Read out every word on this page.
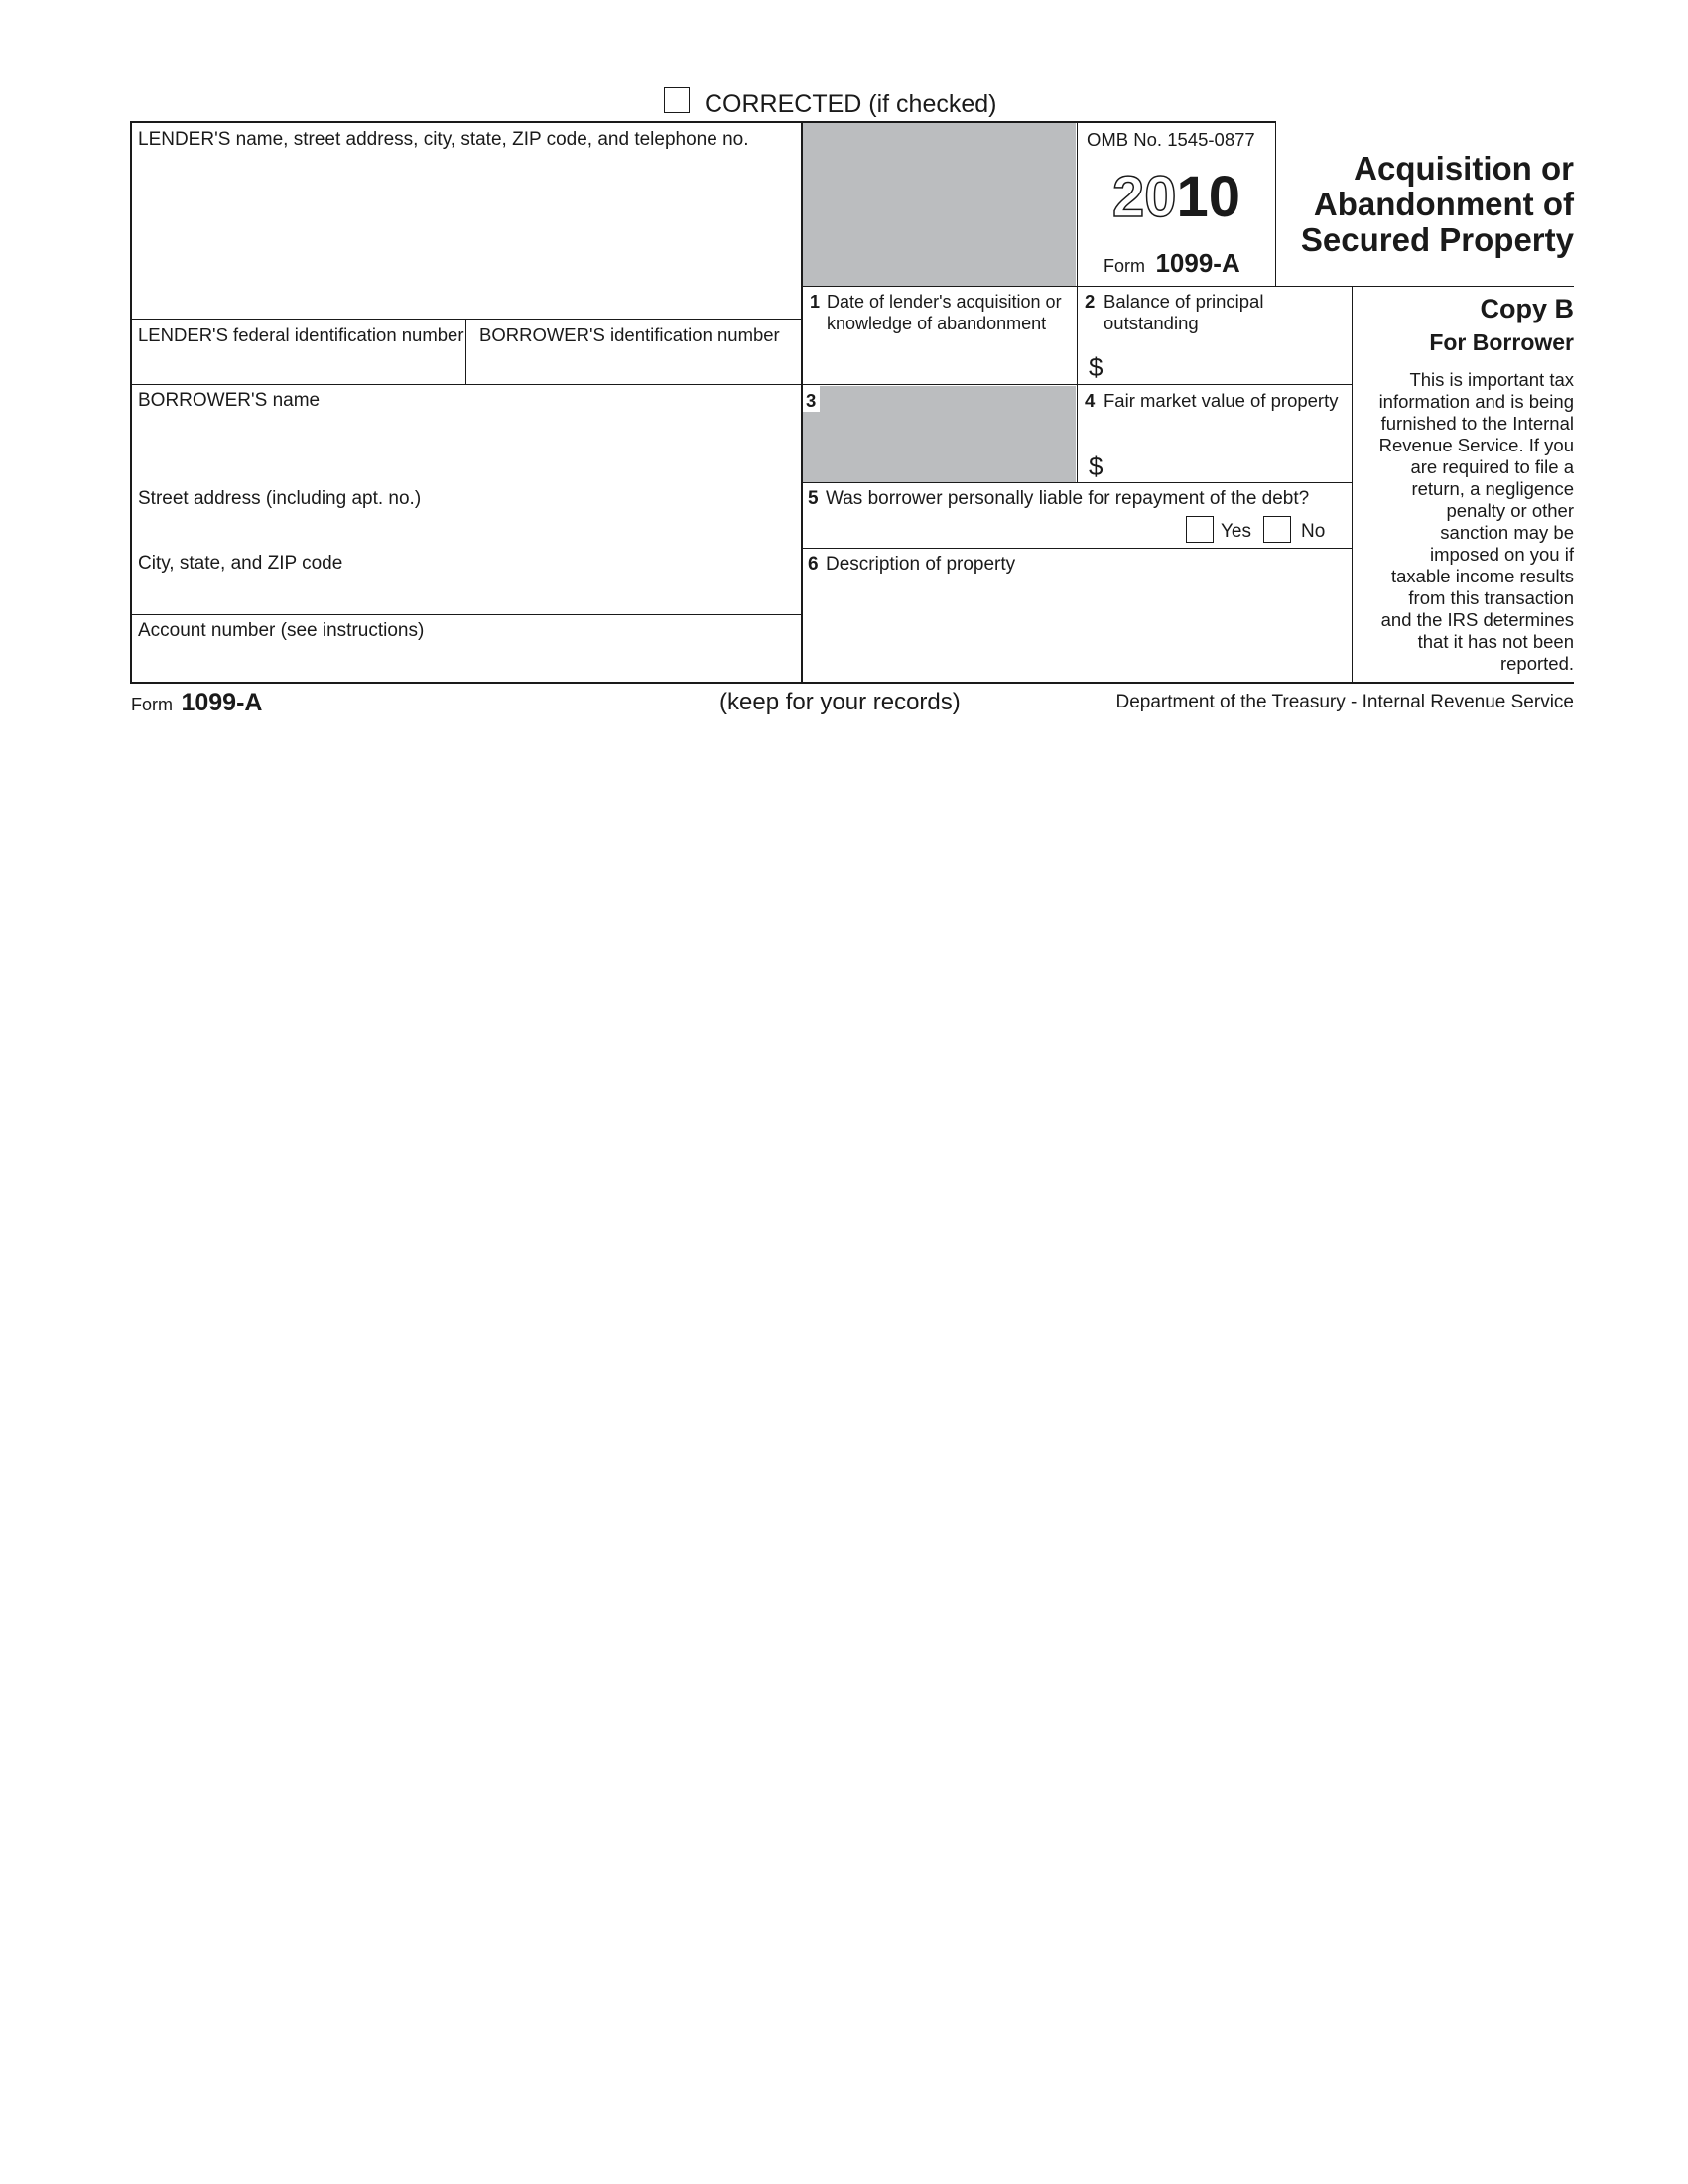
CORRECTED (if checked)
LENDER'S name, street address, city, state, ZIP code, and telephone no.
LENDER'S federal identification number BORROWER'S identification number
BORROWER'S name
Street address (including apt. no.)
City, state, and ZIP code
Account number (see instructions)
OMB No. 1545-0877
2010
Form 1099-A
Acquisition or
Abandonment of
Secured Property
1 Date of lender's acquisition or
knowledge of abandonment
2 Balance of principal
outstanding
$
3	4 Fair market value of property
$
5 Was borrower personally liable for repayment of the debt?
Yes	No
6 Description of property
Copy B
For Borrower
This is important tax
information and is being
furnished to the Internal
Revenue Service. If you
are required to file a
return, a negligence
penalty or other
sanction may be
imposed on you if
taxable income results
from this transaction
and the IRS determines
that it has not been
reported.
Form 1099-A	(keep for your records)	Department of the Treasury - Internal Revenue Service
